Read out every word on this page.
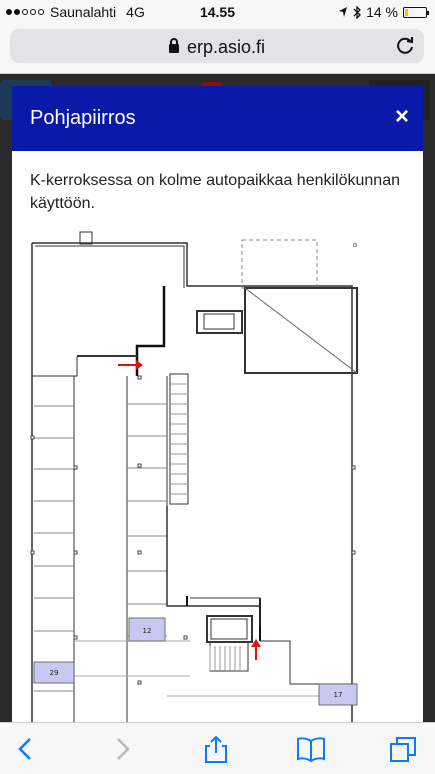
Saunalahti 4G	14.55	14 %
erp.asio.fi
Pohjapiirros	×
K-kerroksessa on kolme autopaikkaa henkilökunnan käyttöön.
12
29
17
